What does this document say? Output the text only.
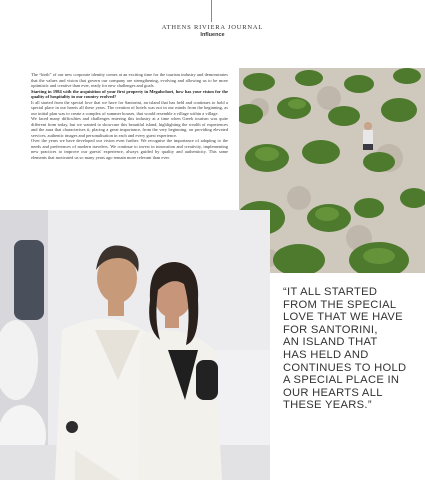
ATHENS RIVIERA JOURNAL
Influence

The “birth” of our new corporate identity comes at an exciting time for the tourism industry and demonstrates that the values and vision that govern our company are strengthening, evolving and allowing us to be more optimistic and creative than ever, ready for new challenges and goals.

Starting in 1984 with the acquisition of your first property in Megalochori, how has your vision for the quality of hospitality in our country evolved?

It all started from the special love that we have for Santorini, an island that has held and continues to hold a special place in our hearts all these years. The creation of hotels was not in our minds from the beginning, as our initial plan was to create a complex of summer houses, that would resemble a village within a village.

We faced many difficulties and challenges entering this industry at a time when Greek tourism was quite different from today, but we wanted to showcase this beautiful island, highlighting the wealth of experiences and the aura that characterises it, placing a great importance, from the very beginning, on providing elevated services, authentic images and personalisation in each and every guest experience.

Over the years we have developed our vision even further. We recognise the importance of adapting to the needs and preferences of modern travelers. We continue to invest in innovation and creativity, implementing new practices to improve our guests' experience, always guided by quality and authenticity. This same elements that motivated us so many years ago remain more relevant than ever.

“IT ALL STARTED
FROM THE SPECIAL
LOVE THAT WE HAVE
FOR SANTORINI,
AN ISLAND THAT
HAS HELD AND
CONTINUES TO HOLD
A SPECIAL PLACE IN
OUR HEARTS ALL
THESE YEARS.”
